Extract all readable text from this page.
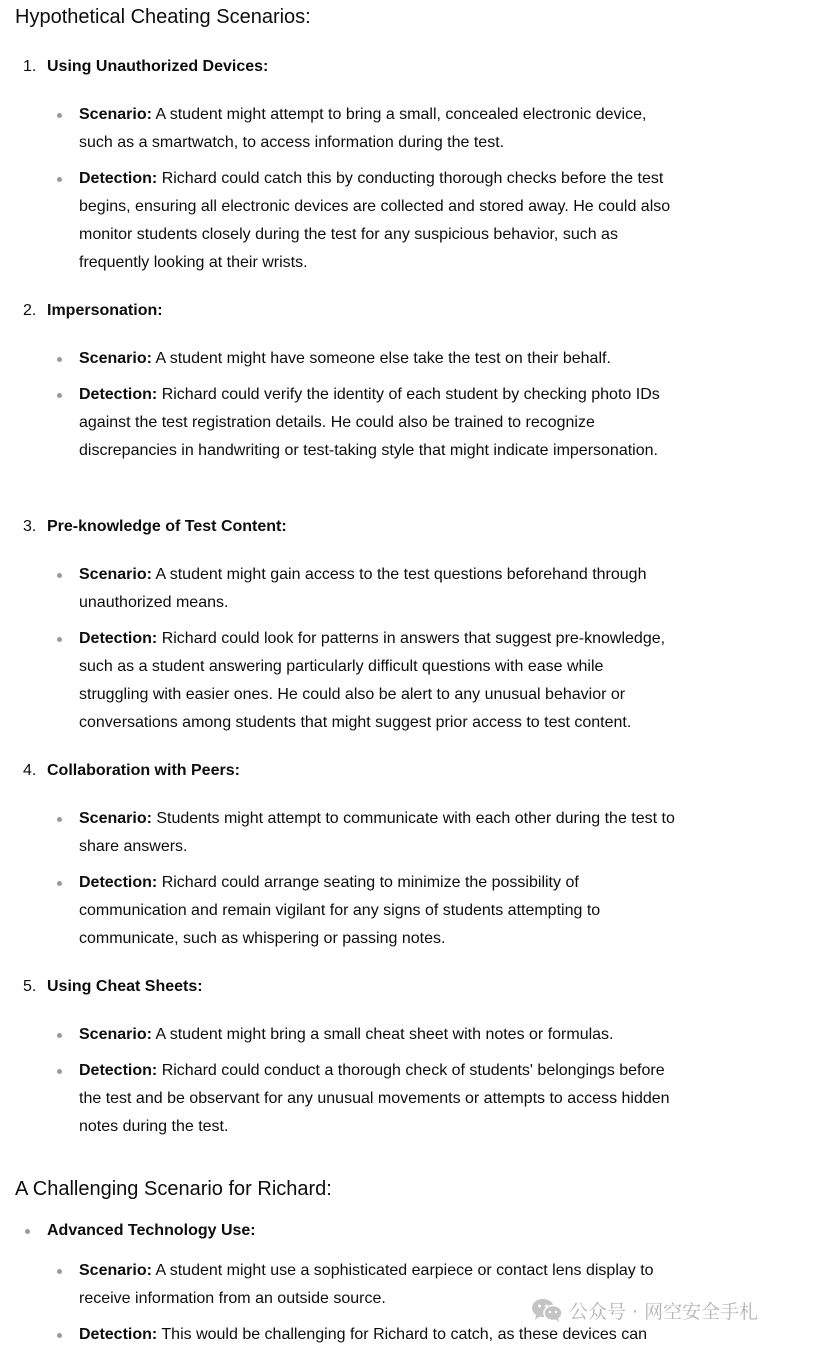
Hypothetical Cheating Scenarios:
1. Using Unauthorized Devices:

Scenario: A student might attempt to bring a small, concealed electronic device, such as a smartwatch, to access information during the test.

Detection: Richard could catch this by conducting thorough checks before the test begins, ensuring all electronic devices are collected and stored away. He could also monitor students closely during the test for any suspicious behavior, such as frequently looking at their wrists.

2. Impersonation:

Scenario: A student might have someone else take the test on their behalf.

Detection: Richard could verify the identity of each student by checking photo IDs against the test registration details. He could also be trained to recognize discrepancies in handwriting or test-taking style that might indicate impersonation.

3. Pre-knowledge of Test Content:

Scenario: A student might gain access to the test questions beforehand through unauthorized means.

Detection: Richard could look for patterns in answers that suggest pre-knowledge, such as a student answering particularly difficult questions with ease while struggling with easier ones. He could also be alert to any unusual behavior or conversations among students that might suggest prior access to test content.

4. Collaboration with Peers:

Scenario: Students might attempt to communicate with each other during the test to share answers.

Detection: Richard could arrange seating to minimize the possibility of communication and remain vigilant for any signs of students attempting to communicate, such as whispering or passing notes.

5. Using Cheat Sheets:

Scenario: A student might bring a small cheat sheet with notes or formulas.

Detection: Richard could conduct a thorough check of students' belongings before the test and be observant for any unusual movements or attempts to access hidden notes during the test.

A Challenging Scenario for Richard:
Advanced Technology Use:

Scenario: A student might use a sophisticated earpiece or contact lens display to receive information from an outside source.

Detection: This would be challenging for Richard to catch, as these devices can

公众号 · 网空安全手札
